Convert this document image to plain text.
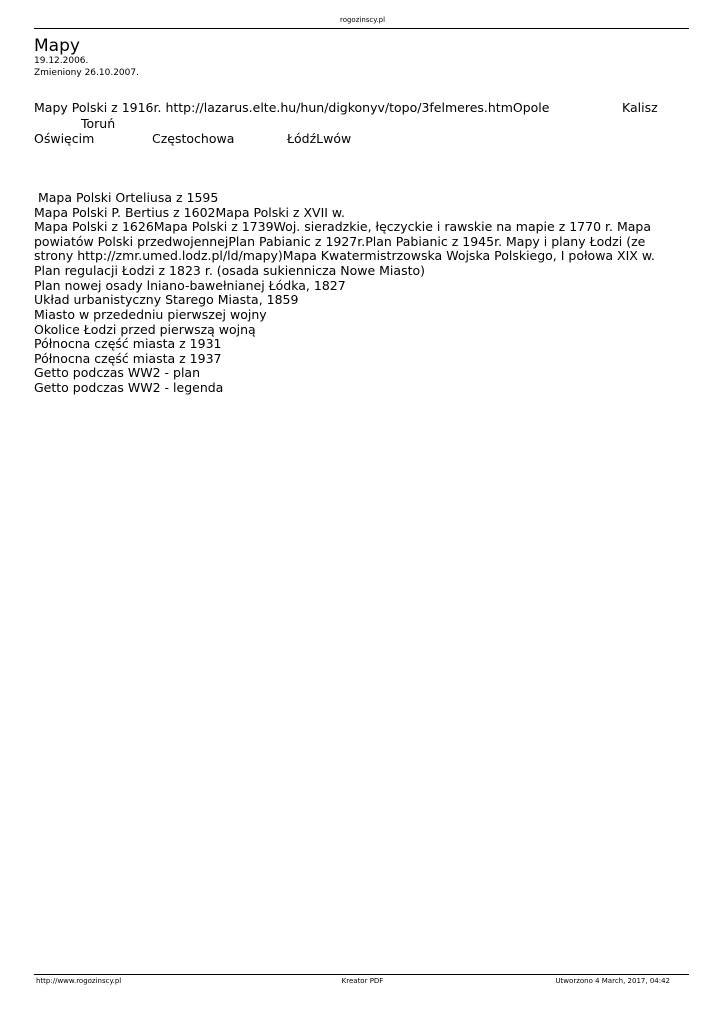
rogozinscy.pl
Mapy
19.12.2006.
Zmieniony 26.10.2007.
Mapy Polski z 1916r. http://lazarus.elte.hu/hun/digkonyv/topo/3felmeres.htmOpole	Kalisz
Toruń
Oświęcim	Częstochowa	ŁódźLwów
Mapa Polski Orteliusa z 1595
Mapa Polski P. Bertius z 1602Mapa Polski z XVII w.
Mapa Polski z 1626Mapa Polski z 1739Woj. sieradzkie, łęczyckie i rawskie na mapie z 1770 r. Mapa
powiatów Polski przedwojennejPlan Pabianic z 1927r.Plan Pabianic z 1945r. Mapy i plany Łodzi (ze
strony http://zmr.umed.lodz.pl/ld/mapy)Mapa Kwatermistrzowska Wojska Polskiego, I połowa XIX w.
Plan regulacji Łodzi z 1823 r. (osada sukiennicza Nowe Miasto)
Plan nowej osady lniano-bawełnianej Łódka, 1827
Układ urbanistyczny Starego Miasta, 1859
Miasto w przededniu pierwszej wojny
Okolice Łodzi przed pierwszą wojną
Północna część miasta z 1931
Północna część miasta z 1937
Getto podczas WW2 - plan
Getto podczas WW2 - legenda
http://www.rogozinscy.pl	Kreator PDF	Utworzono 4 March, 2017, 04:42
